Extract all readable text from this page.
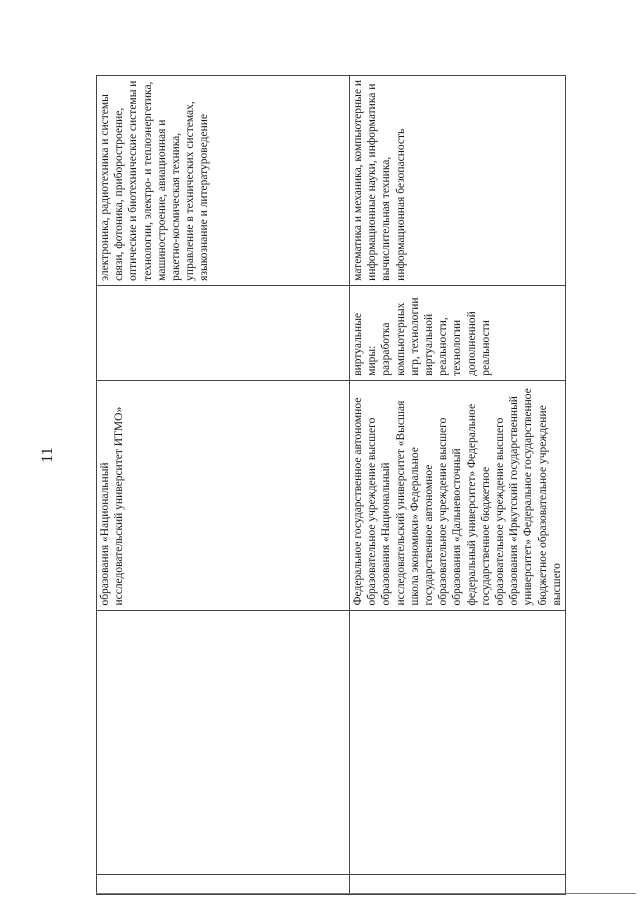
11
		образования «Национальный исследовательский университет ИТМО»		электроника, радиотехника и системы связи, фотоника, приборостроение, оптические и биотехнические системы и технологии, электро- и теплоэнергетика, машиностроение, авиационная и ракетно-космическая техника, управление в технических системах, языкознание и литературоведение
		Федеральное государственное автономное образовательное учреждение высшего образования «Национальный исследовательский университет «Высшая школа экономики» Федеральное государственное автономное образовательное учреждение высшего образования «Дальневосточный федеральный университет» Федеральное государственное бюджетное образовательное учреждение высшего образования «Иркутский государственный университет» Федеральное государственное бюджетное образовательное учреждение высшего	виртуальные миры: разработка компьютерных игр, технологии виртуальной реальности, технологии дополненной реальности	математика и механика, компьютерные и информационные науки, информатика и вычислительная техника, информационная безопасность
